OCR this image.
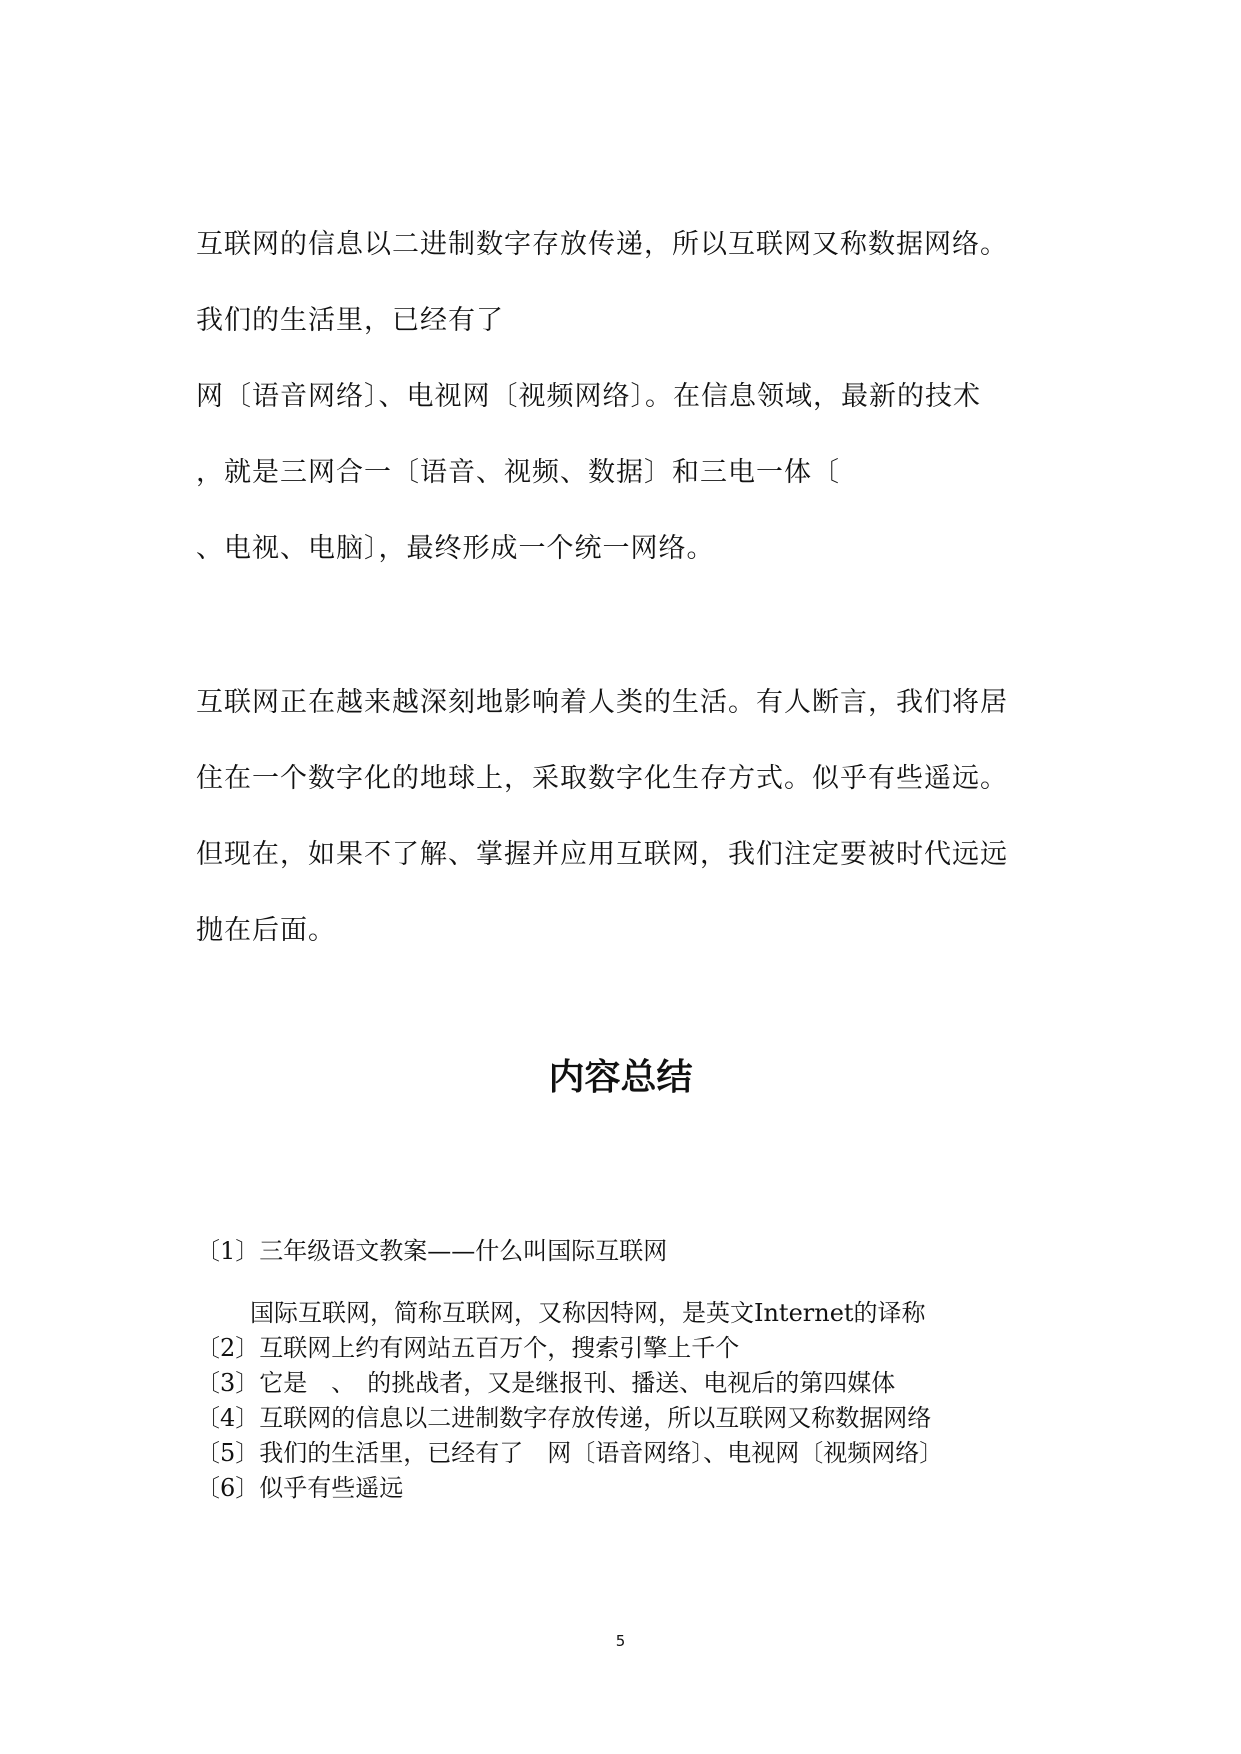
互联网的信息以二进制数字存放传递，所以互联网又称数据网络。
我们的生活里，已经有了
网〔语音网络〕、电视网〔视频网络〕。在信息领域，最新的技术
，就是三网合一〔语音、视频、数据〕和三电一体〔
、电视、电脑〕，最终形成一个统一网络。
互联网正在越来越深刻地影响着人类的生活。有人断言，我们将居
住在一个数字化的地球上，采取数字化生存方式。似乎有些遥远。
但现在，如果不了解、掌握并应用互联网，我们注定要被时代远远
抛在后面。
内容总结
〔1〕三年级语文教案——什么叫国际互联网
国际互联网，简称互联网，又称因特网，是英文Internet的译称
〔2〕互联网上约有网站五百万个，搜索引擎上千个
〔3〕它是　、　的挑战者，又是继报刊、播送、电视后的第四媒体
〔4〕互联网的信息以二进制数字存放传递，所以互联网又称数据网络
〔5〕我们的生活里，已经有了　网〔语音网络〕、电视网〔视频网络〕
〔6〕似乎有些遥远
5
